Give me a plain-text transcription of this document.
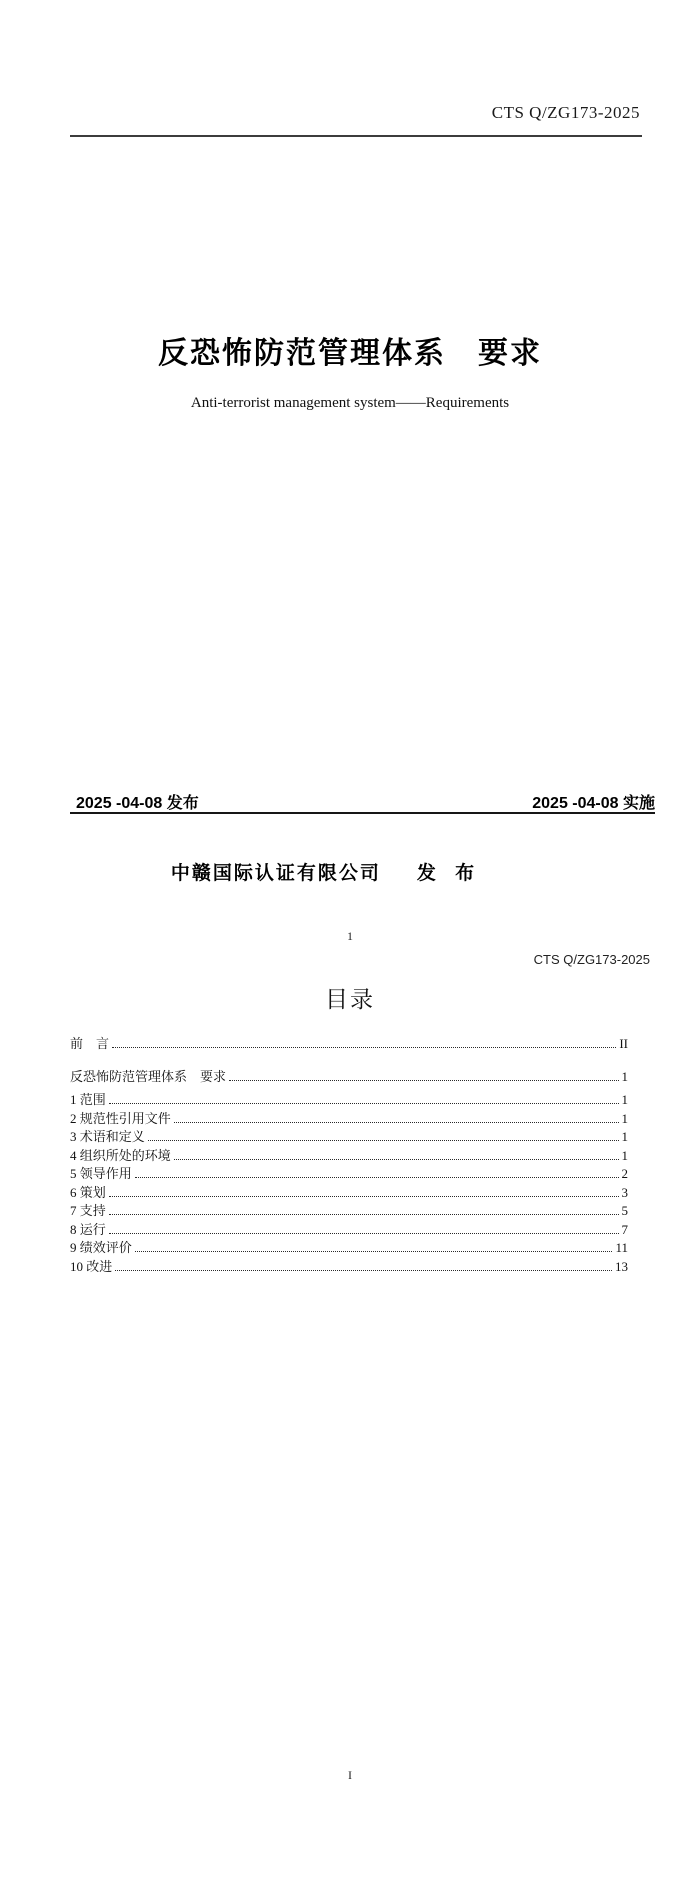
CTS Q/ZG173-2025
反恐怖防范管理体系　要求
Anti-terrorist management system——Requirements
2025 -04-08 发布	2025 -04-08 实施
中赣国际认证有限公司 发 布
1
CTS Q/ZG173-2025
目录
前　言	II
反恐怖防范管理体系　要求	1
1 范围	1
2 规范性引用文件	1
3 术语和定义	1
4 组织所处的环境	1
5 领导作用	2
6 策划	3
7 支持	5
8 运行	7
9 绩效评价	11
10 改进	13
I
